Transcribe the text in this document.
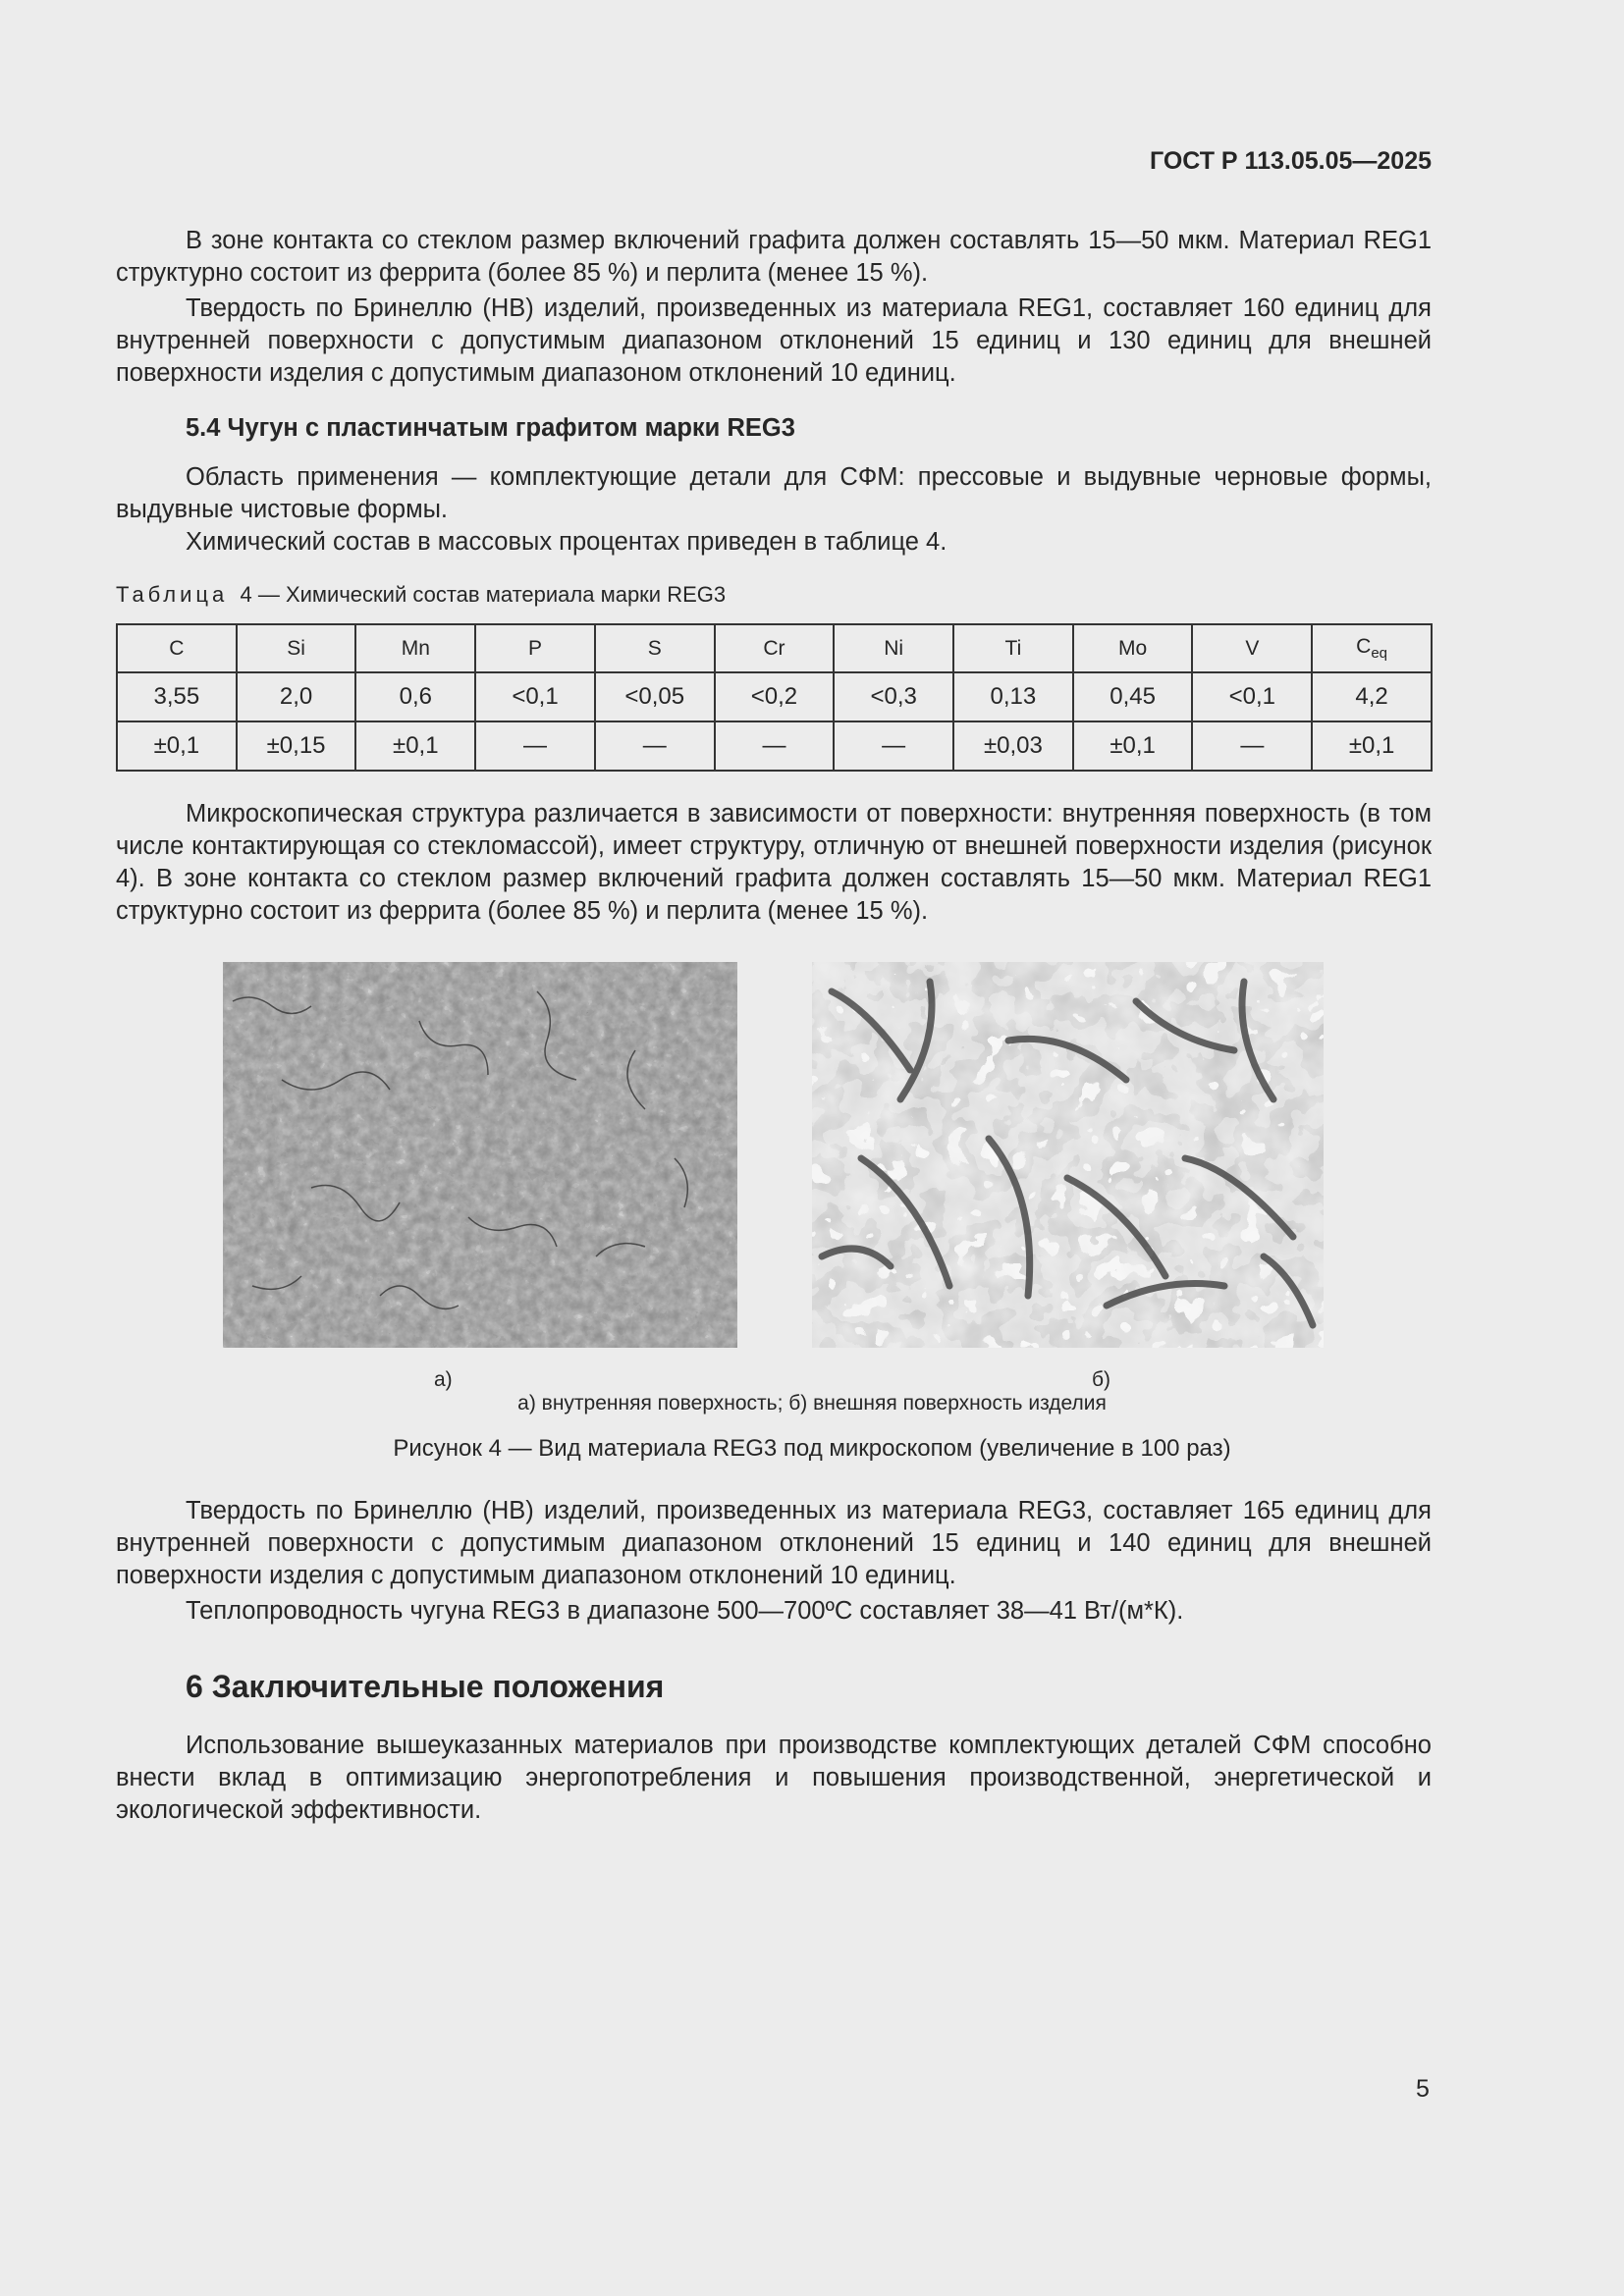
ГОСТ Р 113.05.05—2025

В зоне контакта со стеклом размер включений графита должен составлять 15—50 мкм. Материал REG1 структурно состоит из феррита (более 85 %) и перлита (менее 15 %).

Твердость по Бринеллю (НВ) изделий, произведенных из материала REG1, составляет 160 единиц для внутренней поверхности с допустимым диапазоном отклонений 15 единиц и 130 единиц для внешней поверхности изделия с допустимым диапазоном отклонений 10 единиц.

5.4 Чугун с пластинчатым графитом марки REG3

Область применения — комплектующие детали для СФМ: прессовые и выдувные черновые формы, выдувные чистовые формы.

Химический состав в массовых процентах приведен в таблице 4.

Таблица 4 — Химический состав материала марки REG3
C	Si	Mn	P	S	Cr	Ni	Ti	Mo	V	$C_{eq}$
3,55	2,0	0,6	<0,1	<0,05	<0,2	<0,3	0,13	0,45	<0,1	4,2
±0,1	±0,15	±0,1	—	—	—	—	±0,03	±0,1	—	±0,1

Микроскопическая структура различается в зависимости от поверхности: внутренняя поверхность (в том числе контактирующая со стекломассой), имеет структуру, отличную от внешней поверхности изделия (рисунок 4). В зоне контакта со стеклом размер включений графита должен составлять 15—50 мкм. Материал REG1 структурно состоит из феррита (более 85 %) и перлита (менее 15 %).

а)	б)
а) внутренняя поверхность; б) внешняя поверхность изделия
Рисунок 4 — Вид материала REG3 под микроскопом (увеличение в 100 раз)

Твердость по Бринеллю (НВ) изделий, произведенных из материала REG3, составляет 165 единиц для внутренней поверхности с допустимым диапазоном отклонений 15 единиц и 140 единиц для внешней поверхности изделия с допустимым диапазоном отклонений 10 единиц.

Теплопроводность чугуна REG3 в диапазоне 500—700ºC составляет 38—41 Вт/(м*К).

6 Заключительные положения

Использование вышеуказанных материалов при производстве комплектующих деталей СФМ способно внести вклад в оптимизацию энергопотребления и повышения производственной, энергетической и экологической эффективности.

5
